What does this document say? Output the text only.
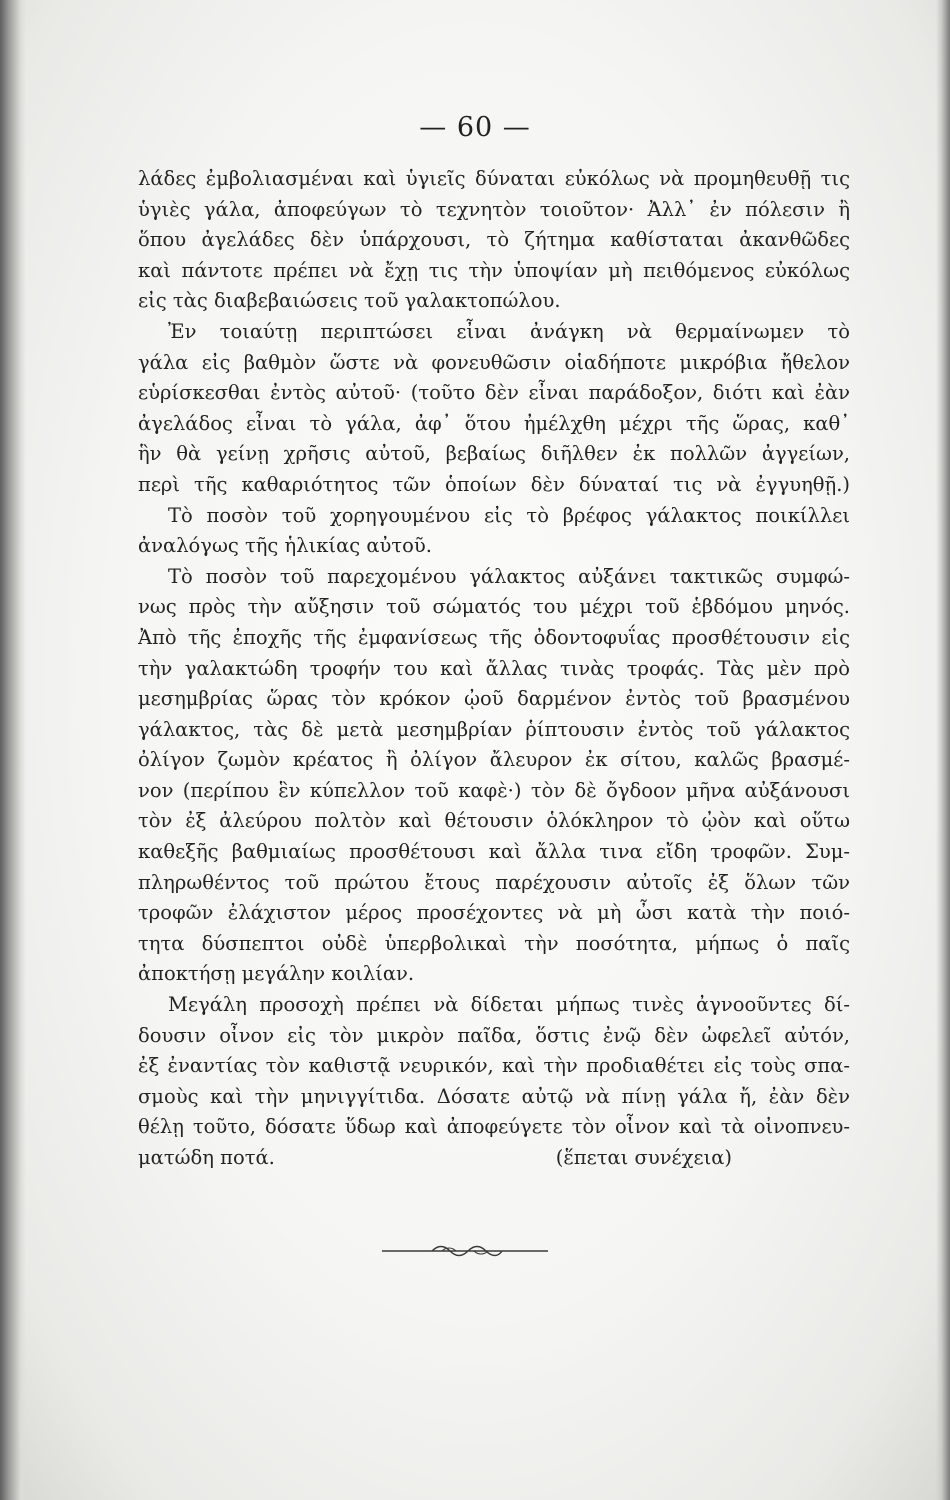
— 60 —
λάδες ἐμβολιασμέναι καὶ ὑγιεῖς δύναται εὐκόλως νὰ προμηθευθῇ τις
ὑγιὲς γάλα, ἀποφεύγων τὸ τεχνητὸν τοιοῦτον· Ἀλλ᾽ ἐν πόλεσιν ἢ
ὅπου ἀγελάδες δὲν ὑπάρχουσι, τὸ ζήτημα καθίσταται ἀκανθῶδες
καὶ πάντοτε πρέπει νὰ ἔχῃ τις τὴν ὑποψίαν μὴ πειθόμενος εὐκόλως
εἰς τὰς διαβεβαιώσεις τοῦ γαλακτοπώλου.
Ἐν τοιαύτῃ περιπτώσει εἶναι ἀνάγκη νὰ θερμαίνωμεν τὸ
γάλα εἰς βαθμὸν ὥστε νὰ φονευθῶσιν οἱαδήποτε μικρόβια ἤθελον
εὑρίσκεσθαι ἐντὸς αὐτοῦ· (τοῦτο δὲν εἶναι παράδοξον, διότι καὶ ἐὰν
ἀγελάδος εἶναι τὸ γάλα, ἀφ᾽ ὅτου ἠμέλχθη μέχρι τῆς ὥρας, καθ᾽
ἣν θὰ γείνῃ χρῆσις αὐτοῦ, βεβαίως διῆλθεν ἐκ πολλῶν ἀγγείων,
περὶ τῆς καθαριότητος τῶν ὁποίων δὲν δύναταί τις νὰ ἐγγυηθῇ.)
Τὸ ποσὸν τοῦ χορηγουμένου εἰς τὸ βρέφος γάλακτος ποικίλλει
ἀναλόγως τῆς ἡλικίας αὐτοῦ.
Τὸ ποσὸν τοῦ παρεχομένου γάλακτος αὐξάνει τακτικῶς συμφώ-
νως πρὸς τὴν αὔξησιν τοῦ σώματός του μέχρι τοῦ ἑβδόμου μηνός.
Ἀπὸ τῆς ἐποχῆς τῆς ἐμφανίσεως τῆς ὀδοντοφυΐας προσθέτουσιν εἰς
τὴν γαλακτώδη τροφήν του καὶ ἄλλας τινὰς τροφάς. Τὰς μὲν πρὸ
μεσημβρίας ὥρας τὸν κρόκον ᾠοῦ δαρμένον ἐντὸς τοῦ βρασμένου
γάλακτος, τὰς δὲ μετὰ μεσημβρίαν ῥίπτουσιν ἐντὸς τοῦ γάλακτος
ὀλίγον ζωμὸν κρέατος ἢ ὀλίγον ἄλευρον ἐκ σίτου, καλῶς βρασμέ-
νον (περίπου ἓν κύπελλον τοῦ καφὲ·) τὸν δὲ ὄγδοον μῆνα αὐξάνουσι
τὸν ἐξ ἀλεύρου πολτὸν καὶ θέτουσιν ὁλόκληρον τὸ ᾠὸν καὶ οὕτω
καθεξῆς βαθμιαίως προσθέτουσι καὶ ἄλλα τινα εἴδη τροφῶν. Συμ-
πληρωθέντος τοῦ πρώτου ἔτους παρέχουσιν αὐτοῖς ἐξ ὅλων τῶν
τροφῶν ἐλάχιστον μέρος προσέχοντες νὰ μὴ ὦσι κατὰ τὴν ποιό-
τητα δύσπεπτοι οὐδὲ ὑπερβολικαὶ τὴν ποσότητα, μήπως ὁ παῖς
ἀποκτήσῃ μεγάλην κοιλίαν.
Μεγάλη προσοχὴ πρέπει νὰ δίδεται μήπως τινὲς ἀγνοοῦντες δί-
δουσιν οἶνον εἰς τὸν μικρὸν παῖδα, ὅστις ἐνῷ δὲν ὠφελεῖ αὐτόν,
ἐξ ἐναντίας τὸν καθιστᾷ νευρικόν, καὶ τὴν προδιαθέτει εἰς τοὺς σπα-
σμοὺς καὶ τὴν μηνιγγίτιδα. Δόσατε αὐτῷ νὰ πίνῃ γάλα ἤ, ἐὰν δὲν
θέλῃ τοῦτο, δόσατε ὕδωρ καὶ ἀποφεύγετε τὸν οἶνον καὶ τὰ οἰνοπνευ-
ματώδη ποτά.	(ἕπεται συνέχεια)
